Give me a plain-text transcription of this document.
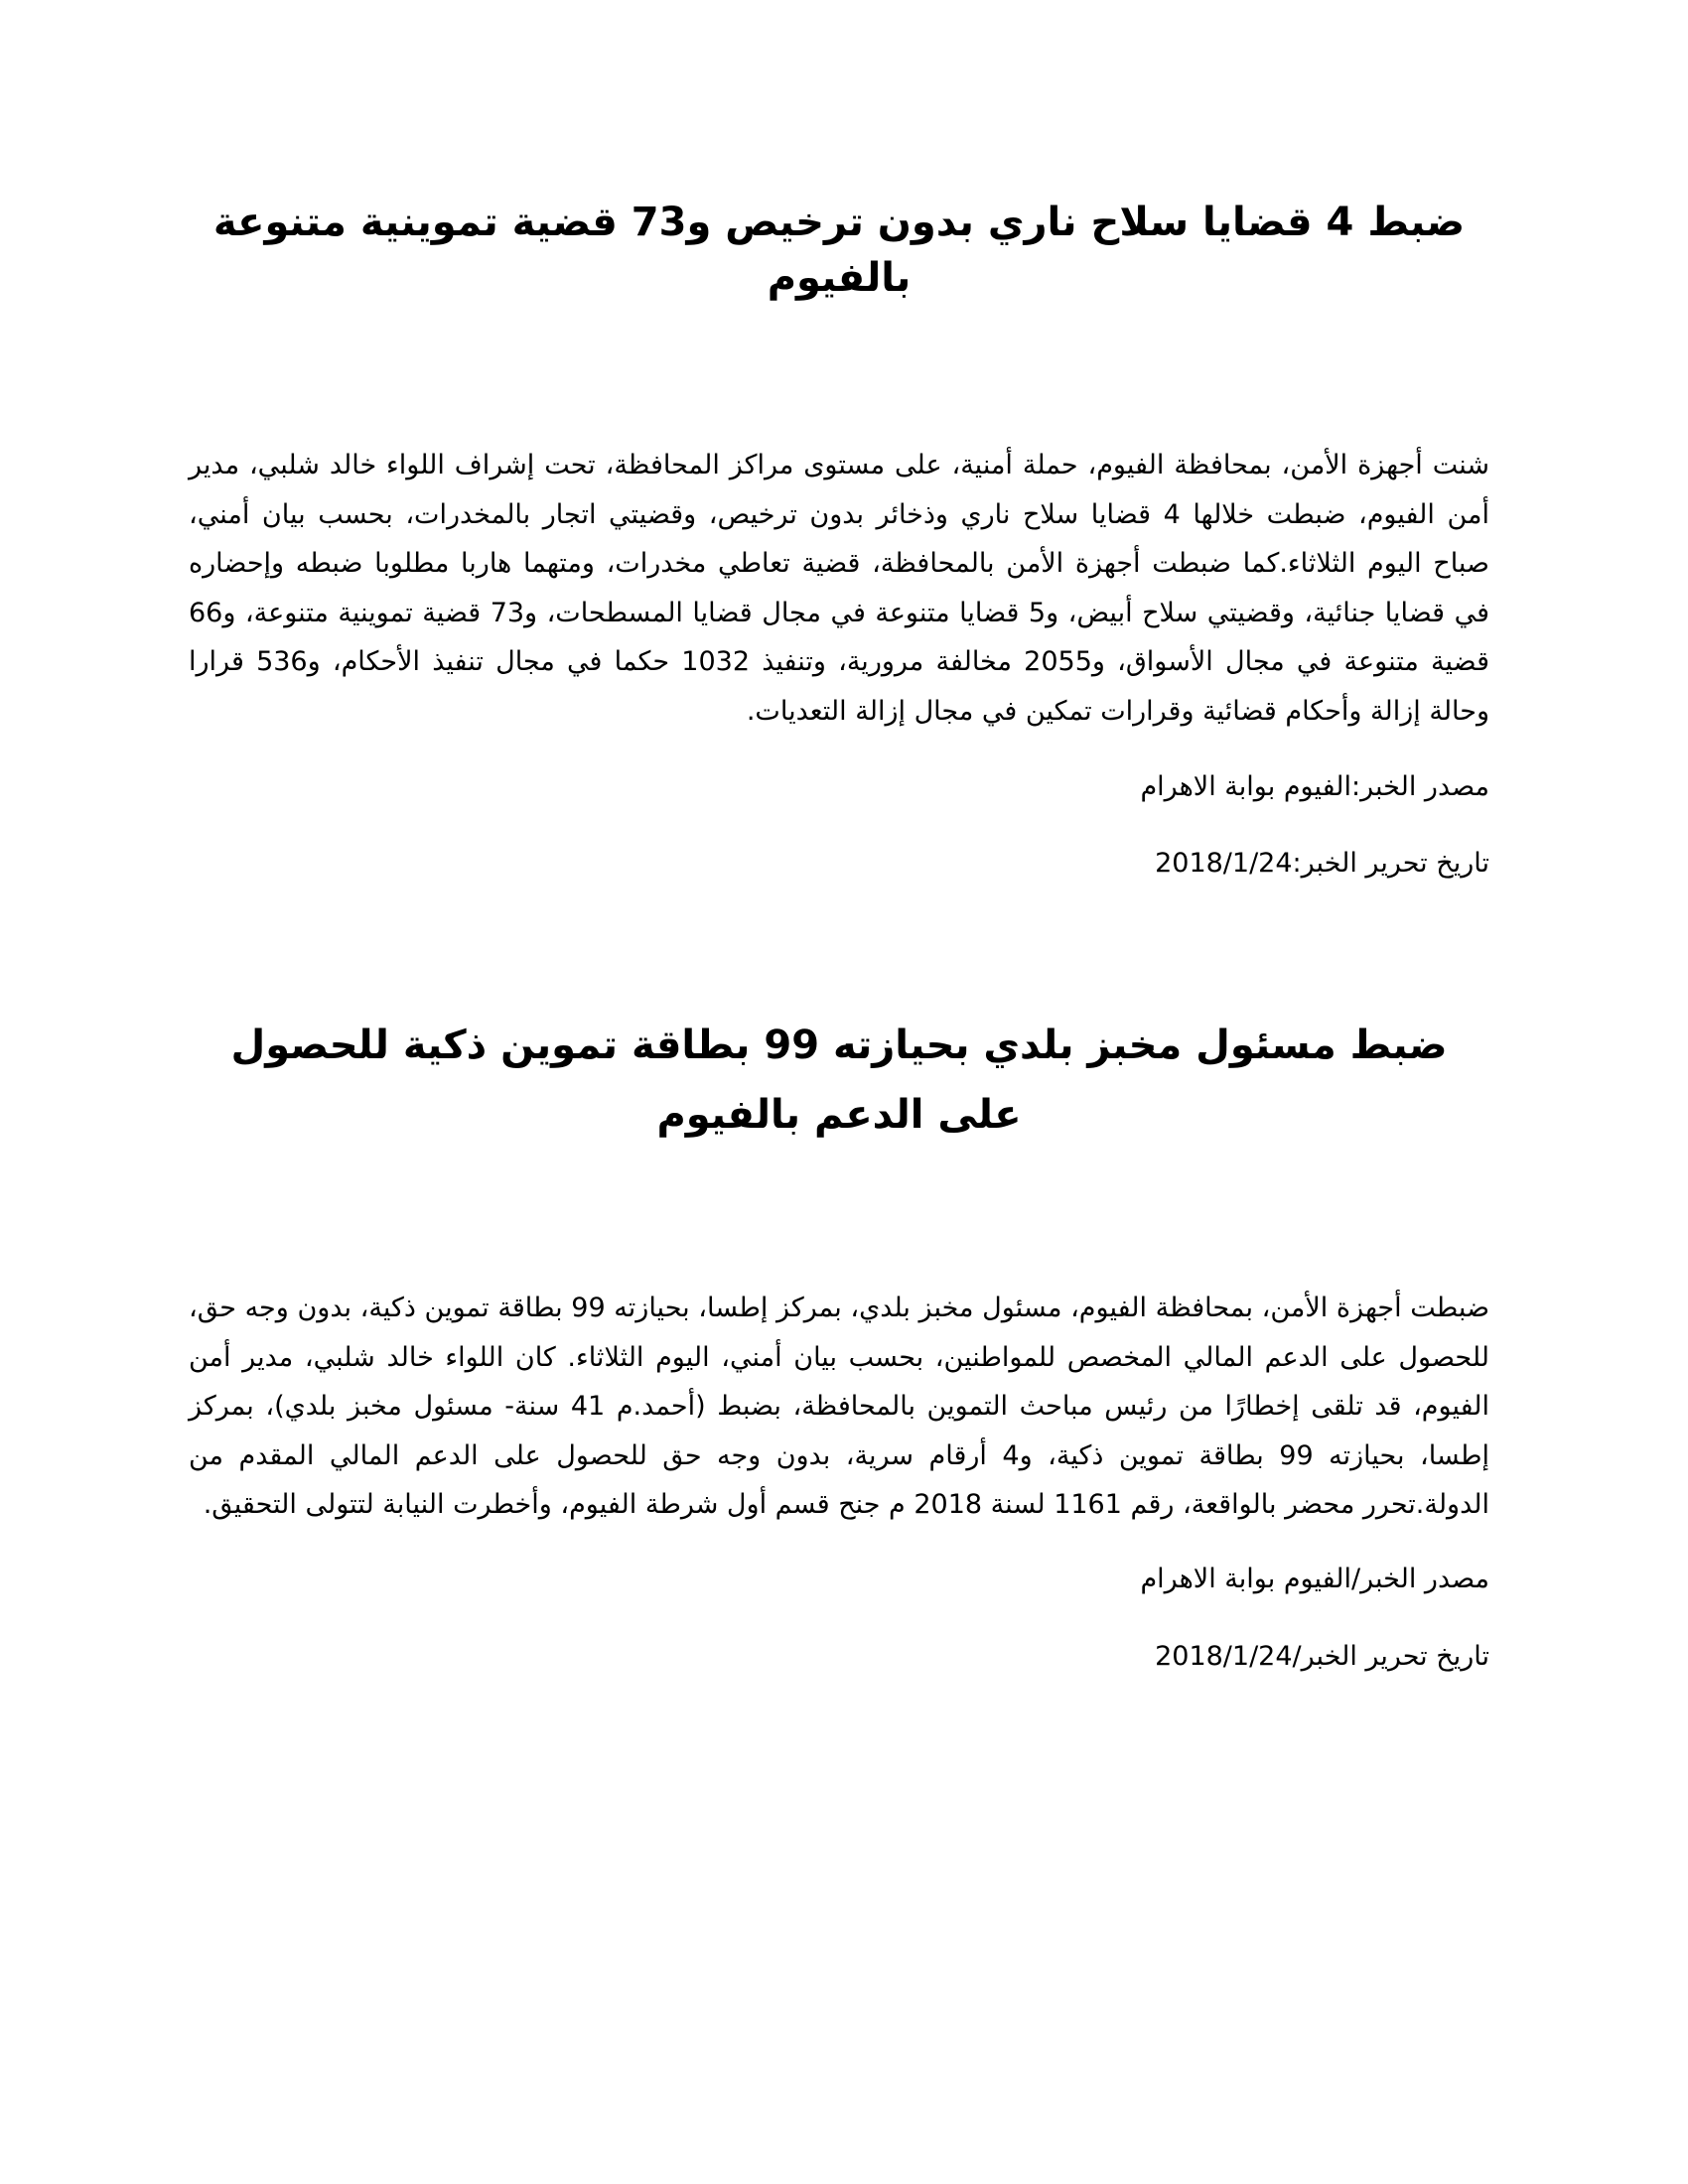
ضبط 4 قضايا سلاح ناري بدون ترخيص و73 قضية تموينية متنوعة بالفيوم

شنت أجهزة الأمن، بمحافظة الفيوم، حملة أمنية، على مستوى مراكز المحافظة، تحت إشراف اللواء خالد شلبي، مدير أمن الفيوم، ضبطت خلالها 4 قضايا سلاح ناري وذخائر بدون ترخيص، وقضيتي اتجار بالمخدرات، بحسب بيان أمني، صباح اليوم الثلاثاء.كما ضبطت أجهزة الأمن بالمحافظة، قضية تعاطي مخدرات، ومتهما هاربا مطلوبا ضبطه وإحضاره في قضايا جنائية، وقضيتي سلاح أبيض، و5 قضايا متنوعة في مجال قضايا المسطحات، و73 قضية تموينية متنوعة، و66 قضية متنوعة في مجال الأسواق، و2055 مخالفة مرورية، وتنفيذ 1032 حكما في مجال تنفيذ الأحكام، و536 قرارا وحالة إزالة وأحكام قضائية وقرارات تمكين في مجال إزالة التعديات.

مصدر الخبر:الفيوم بوابة الاهرام

تاريخ تحرير الخبر:2018/1/24

ضبط مسئول مخبز بلدي بحيازته 99 بطاقة تموين ذكية للحصول على الدعم بالفيوم

ضبطت أجهزة الأمن، بمحافظة الفيوم، مسئول مخبز بلدي، بمركز إطسا، بحيازته 99 بطاقة تموين ذكية، بدون وجه حق، للحصول على الدعم المالي المخصص للمواطنين، بحسب بيان أمني، اليوم الثلاثاء. كان اللواء خالد شلبي، مدير أمن الفيوم، قد تلقى إخطارًا من رئيس مباحث التموين بالمحافظة، بضبط (أحمد.م 41 سنة- مسئول مخبز بلدي)، بمركز إطسا، بحيازته 99 بطاقة تموين ذكية، و4 أرقام سرية، بدون وجه حق للحصول على الدعم المالي المقدم من الدولة.تحرر محضر بالواقعة، رقم 1161 لسنة 2018 م جنح قسم أول شرطة الفيوم، وأخطرت النيابة لتتولى التحقيق.

مصدر الخبر/الفيوم بوابة الاهرام

تاريخ تحرير الخبر/2018/1/24
